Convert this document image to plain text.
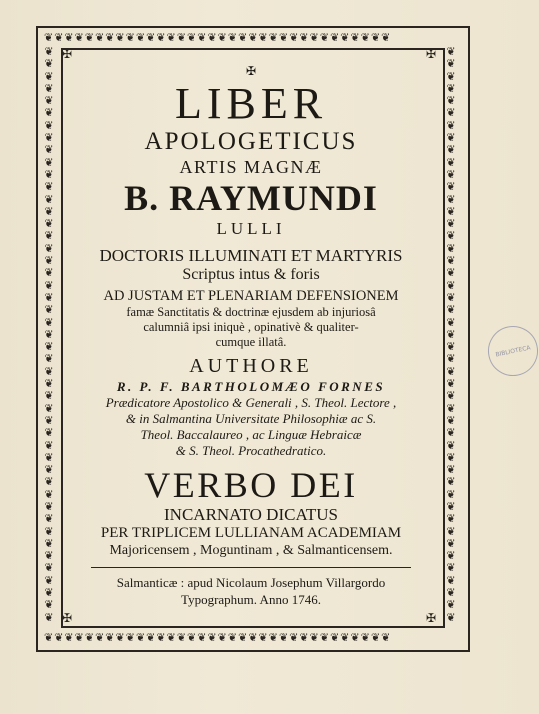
❦❦❦❦❦❦❦❦❦❦❦❦❦❦❦❦❦❦❦❦❦❦❦❦❦❦❦❦❦❦❦❦❦❦
❦❦❦❦❦❦❦❦❦❦❦❦❦❦❦❦❦❦❦❦❦❦❦❦❦❦❦❦❦❦❦❦❦❦
❦❦❦❦❦❦❦❦❦❦❦❦❦❦❦❦❦❦❦❦❦❦❦❦❦❦❦❦❦❦❦❦❦❦❦❦❦❦❦❦❦❦❦❦❦❦❦
❦❦❦❦❦❦❦❦❦❦❦❦❦❦❦❦❦❦❦❦❦❦❦❦❦❦❦❦❦❦❦❦❦❦❦❦❦❦❦❦❦❦❦❦❦❦❦
✠	✠
✠	✠
✠
LIBER
APOLOGETICUS
ARTIS MAGNÆ
B. RAYMUNDI
LULLI
DOCTORIS ILLUMINATI ET MARTYRIS
Scriptus intus & foris
AD JUSTAM ET PLENARIAM DEFENSIONEM
famæ Sanctitatis & doctrinæ ejusdem ab injuriosâ
calumniâ ipsi iniquè , opinativè & qualiter-
cumque illatâ.
AUTHORE
R. P. F. BARTHOLOMÆO FORNES
Prædicatore Apostolico & Generali , S. Theol. Lectore ,
& in Salmantina Universitate Philosophiæ ac S.
Theol. Baccalaureo , ac Linguæ Hebraicæ
& S. Theol. Procathedratico.
VERBO DEI
INCARNATO DICATUS
PER TRIPLICEM LULLIANAM ACADEMIAM
Majoricensem , Moguntinam , & Salmanticensem.
Salmanticæ : apud Nicolaum Josephum Villargordo
Typographum. Anno 1746.
BIBLIOTECA
